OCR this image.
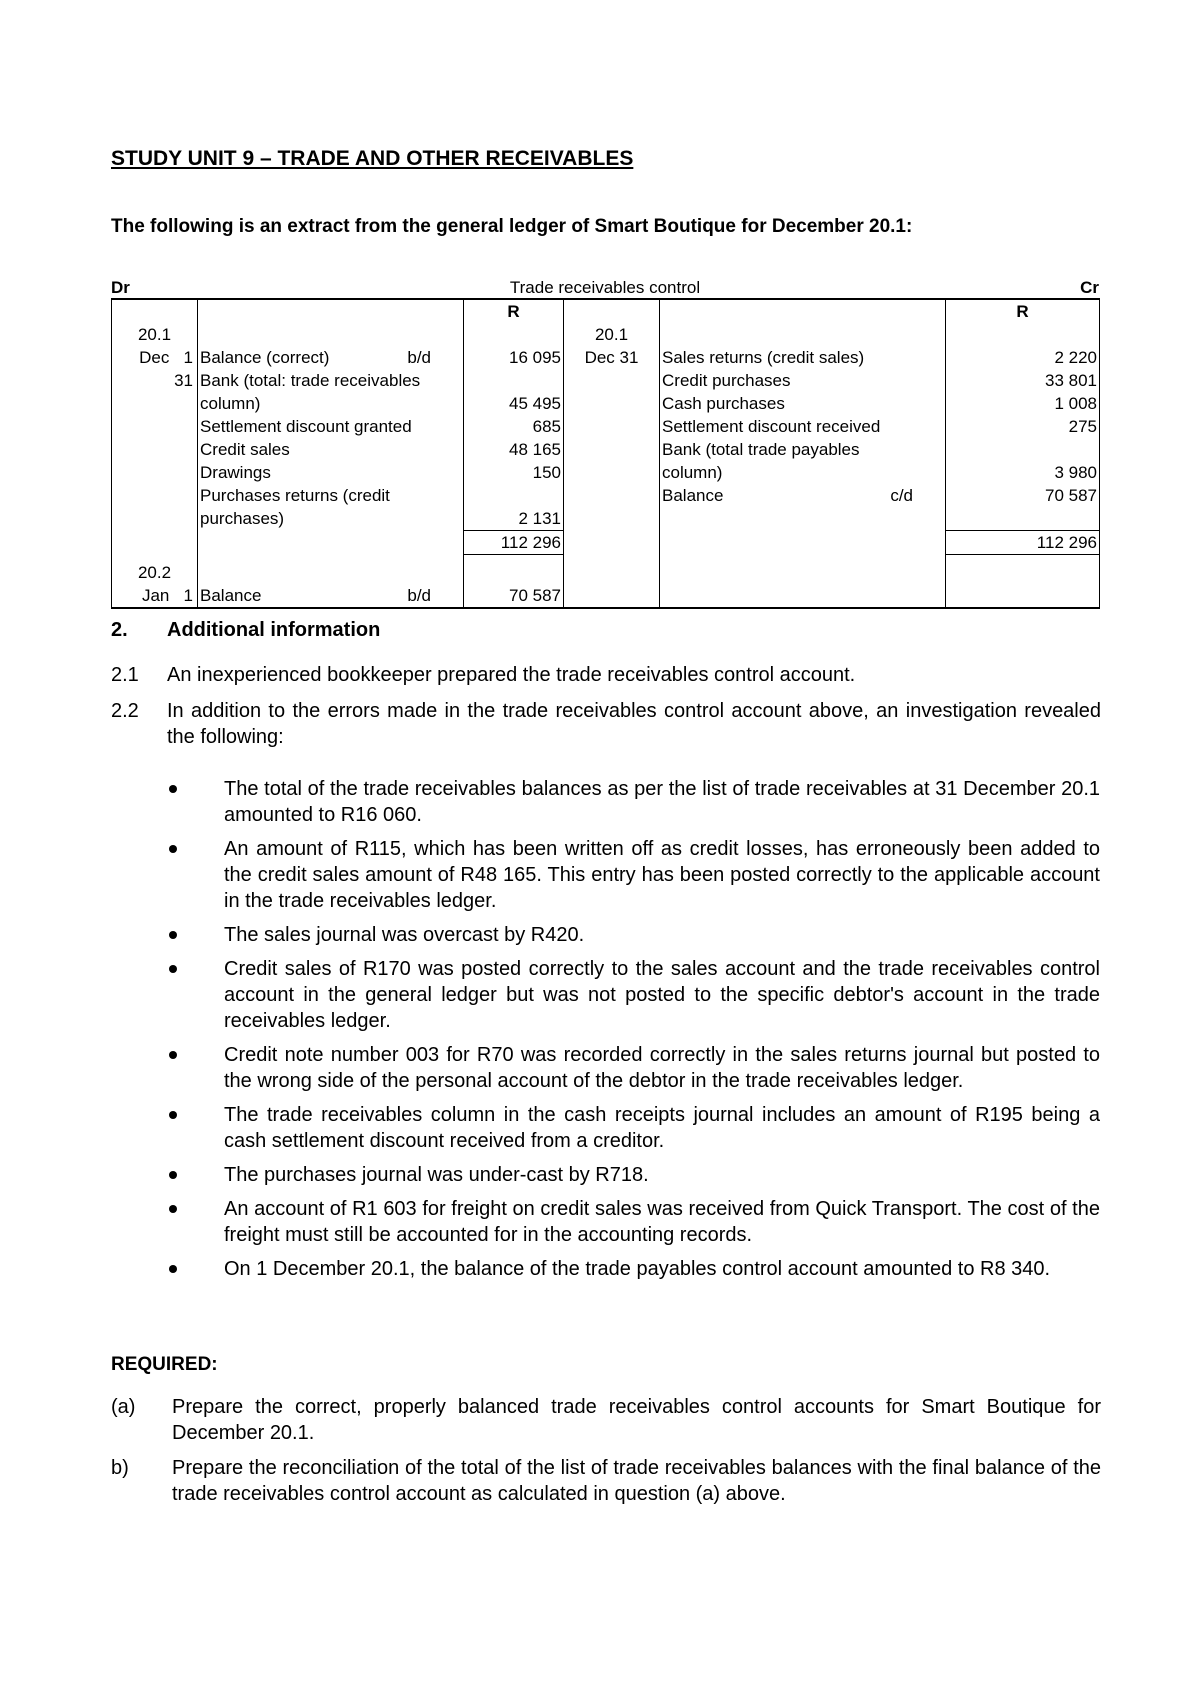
STUDY UNIT 9 – TRADE AND OTHER RECEIVABLES
The following is an extract from the general ledger of Smart Boutique for December 20.1:
Trade receivables control
Dr	Cr
		R			R
20.1			20.1		
Dec 1	Balance (correct) b/d	16 095	Dec 31	Sales returns (credit sales)	2 220
31	Bank (total: trade receivables			Credit purchases	33 801

	column)	45 495		Cash purchases	1 008

	Settlement discount granted	685		Settlement discount received	275

	Credit sales	48 165		Bank (total trade payables	

	Drawings	150		column)	3 980

	Purchases returns (credit			Balance c/d	70 587

	purchases)	2 131			
		112 296			112 296
20.2					
Jan 1	Balance b/d	70 587			
2. Additional information
2.1 An inexperienced bookkeeper prepared the trade receivables control account.
2.2 In addition to the errors made in the trade receivables control account above, an investigation revealed the following:
The total of the trade receivables balances as per the list of trade receivables at 31 December 20.1 amounted to R16 060.
An amount of R115, which has been written off as credit losses, has erroneously been added to the credit sales amount of R48 165. This entry has been posted correctly to the applicable account in the trade receivables ledger.
The sales journal was overcast by R420.
Credit sales of R170 was posted correctly to the sales account and the trade receivables control account in the general ledger but was not posted to the specific debtor's account in the trade receivables ledger.
Credit note number 003 for R70 was recorded correctly in the sales returns journal but posted to the wrong side of the personal account of the debtor in the trade receivables ledger.
The trade receivables column in the cash receipts journal includes an amount of R195 being a cash settlement discount received from a creditor.
The purchases journal was under-cast by R718.
An account of R1 603 for freight on credit sales was received from Quick Transport. The cost of the freight must still be accounted for in the accounting records.
On 1 December 20.1, the balance of the trade payables control account amounted to R8 340.
REQUIRED:
(a) Prepare the correct, properly balanced trade receivables control accounts for Smart Boutique for December 20.1.
b) Prepare the reconciliation of the total of the list of trade receivables balances with the final balance of the trade receivables control account as calculated in question (a) above.
